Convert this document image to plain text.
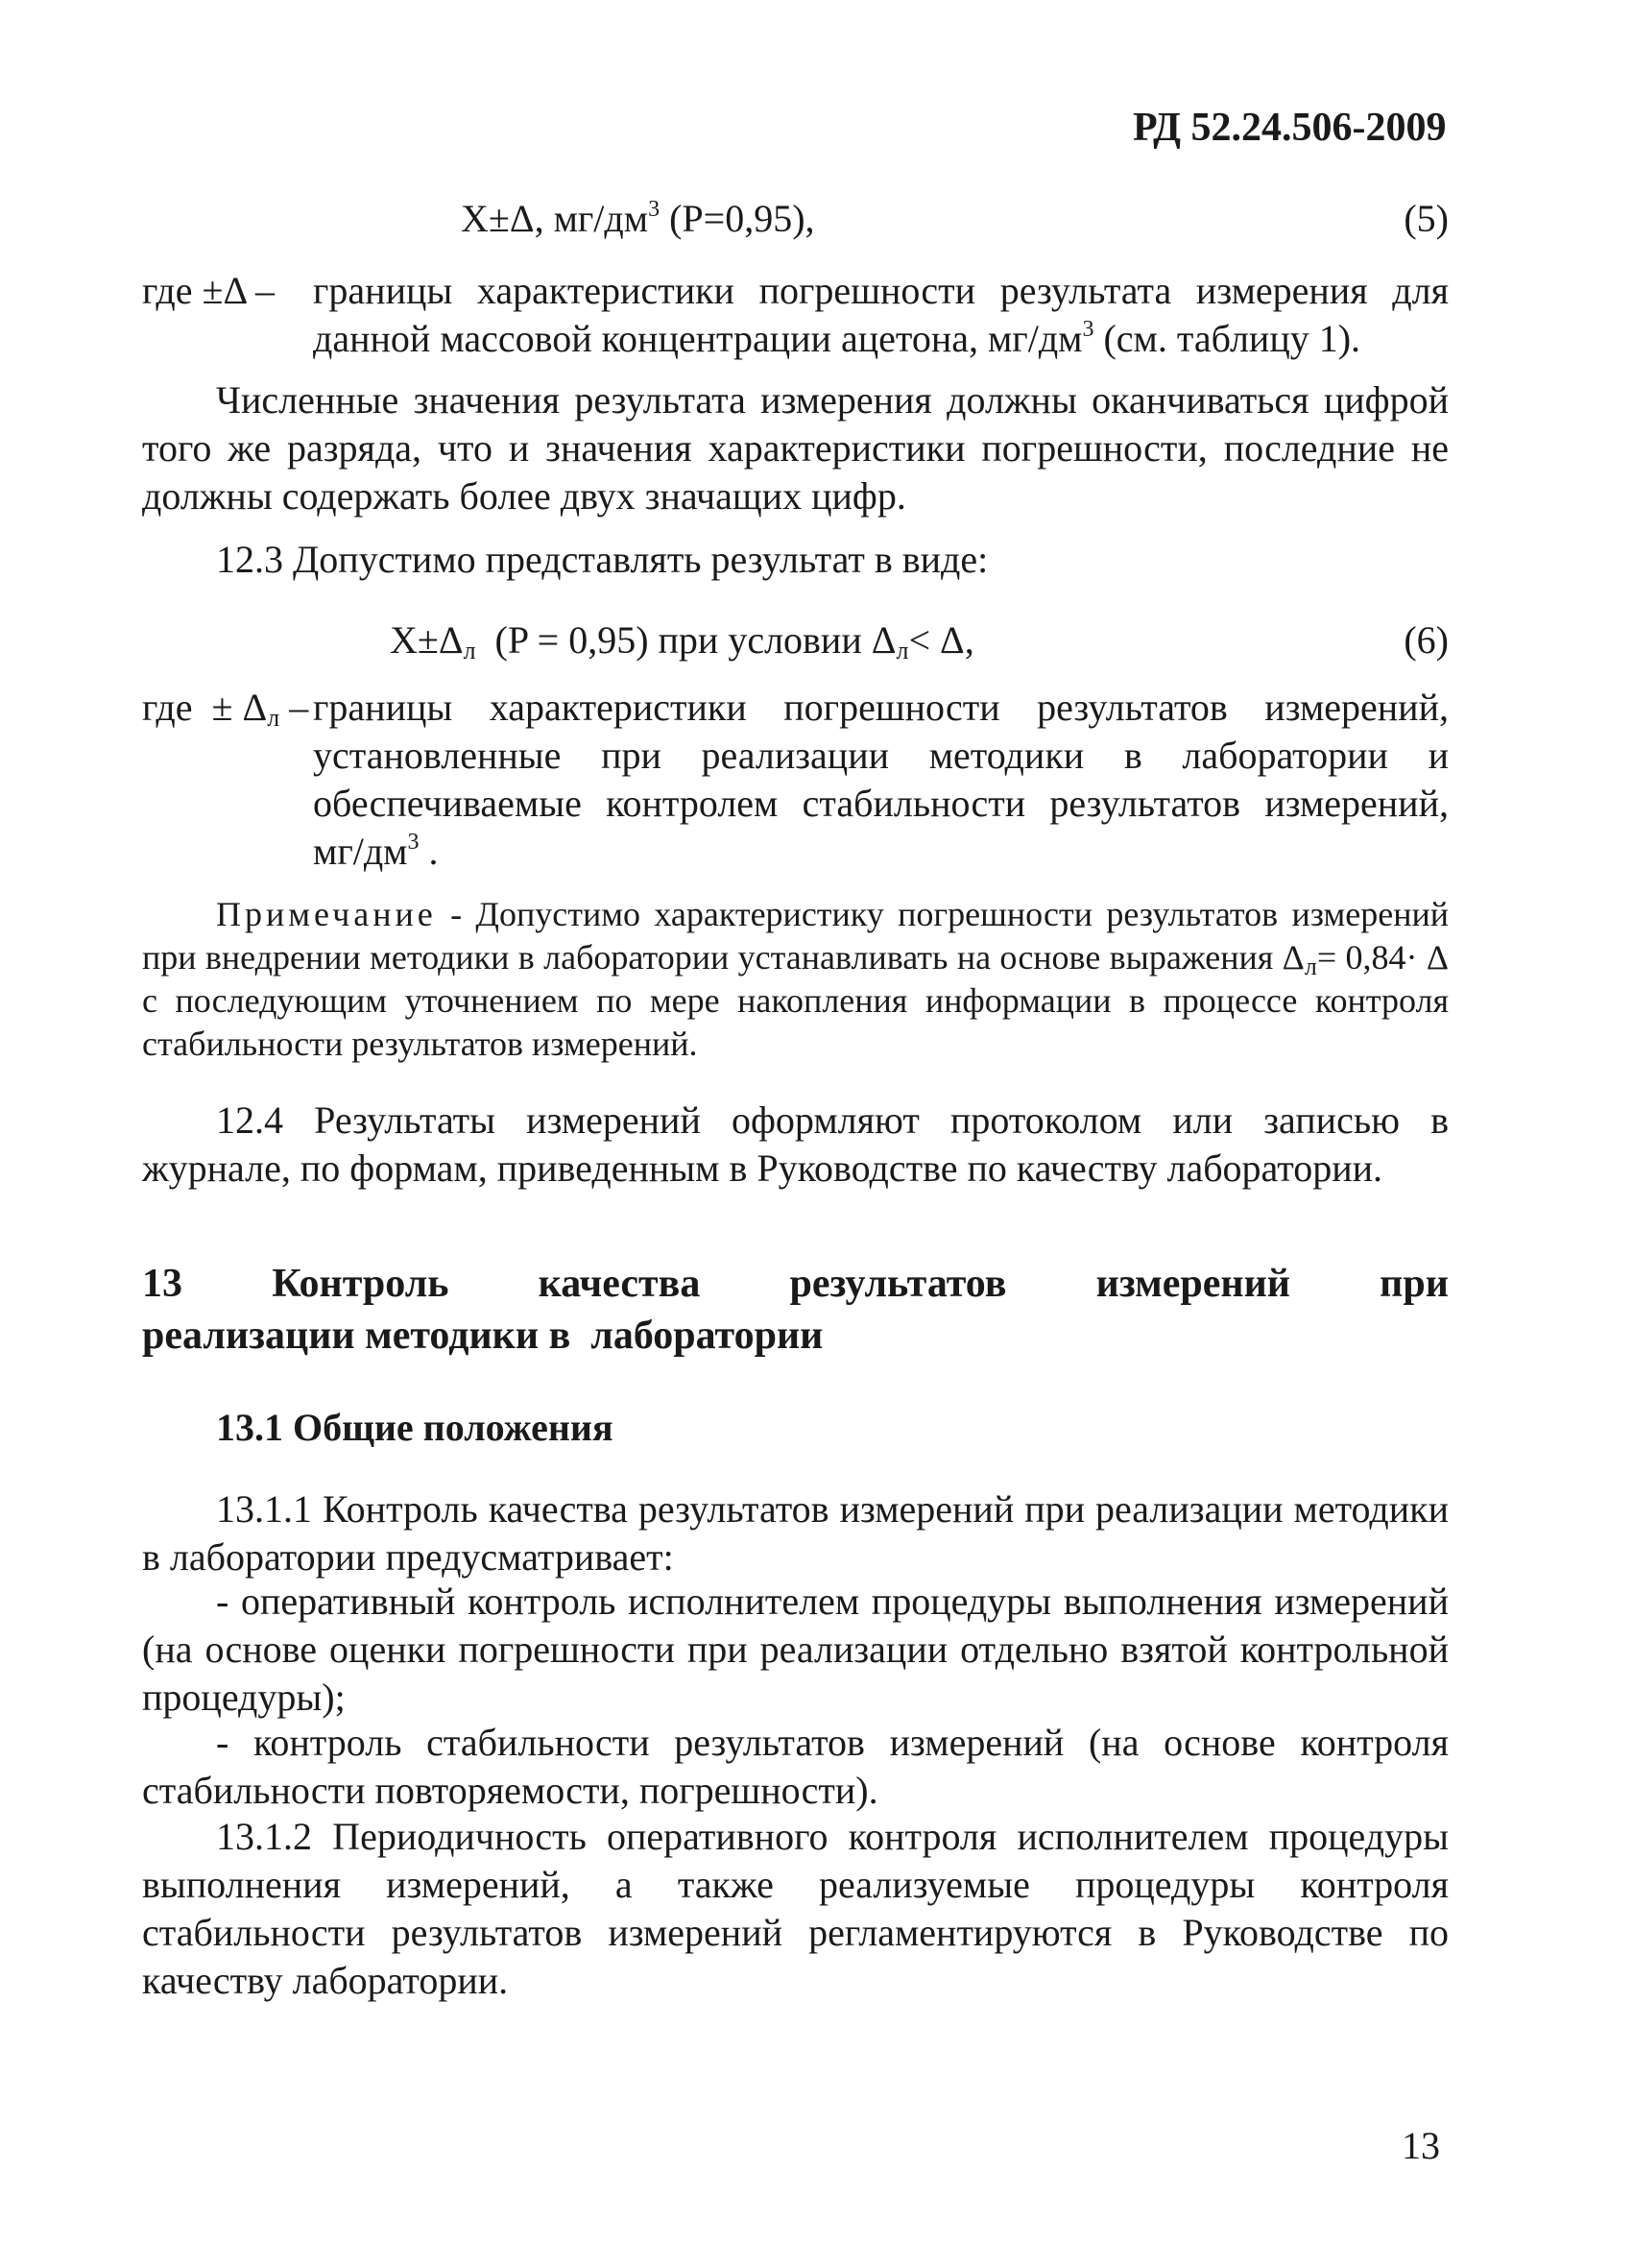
РД 52.24.506-2009
X±Δ, $мг/дм^3$ (P=0,95),	(5)
где ±Δ – границы характеристики погрешности результата измерения для данной массовой концентрации ацетона, $мг/дм^3$ (см. таблицу 1).
Численные значения результата измерения должны оканчиваться цифрой того же разряда, что и значения характеристики погрешности, последние не должны содержать более двух значащих цифр.
12.3 Допустимо представлять результат в виде:
$X\pm\Delta_л$  (P = 0,95) при условии $\Delta_л< \Delta$,	(6)
где  ± $\Delta_л$ – границы характеристики погрешности результатов измерений, установленные при реализации методики в лаборатории и обеспечиваемые контролем стабильности результатов измерений, $мг/дм^3$ .
Примечание - Допустимо характеристику погрешности результатов измерений при внедрении методики в лаборатории устанавливать на основе выражения $\Delta_л= 0,84\cdot \Delta$ с последующим уточнением по мере накопления информации в процессе контроля стабильности результатов измерений.
12.4 Результаты измерений оформляют протоколом или записью в журнале, по формам, приведенным в Руководстве по качеству лаборатории.
13 Контроль качества результатов измерений при
реализации методики в  лаборатории
13.1 Общие положения
13.1.1 Контроль качества результатов измерений при реализации методики в лаборатории предусматривает:
- оперативный контроль исполнителем процедуры выполнения измерений (на основе оценки погрешности при реализации отдельно взятой контрольной процедуры);
- контроль стабильности результатов измерений (на основе контроля стабильности повторяемости, погрешности).
13.1.2 Периодичность оперативного контроля исполнителем процедуры выполнения измерений, а также реализуемые процедуры контроля стабильности результатов измерений регламентируются в Руководстве по качеству лаборатории.
13
